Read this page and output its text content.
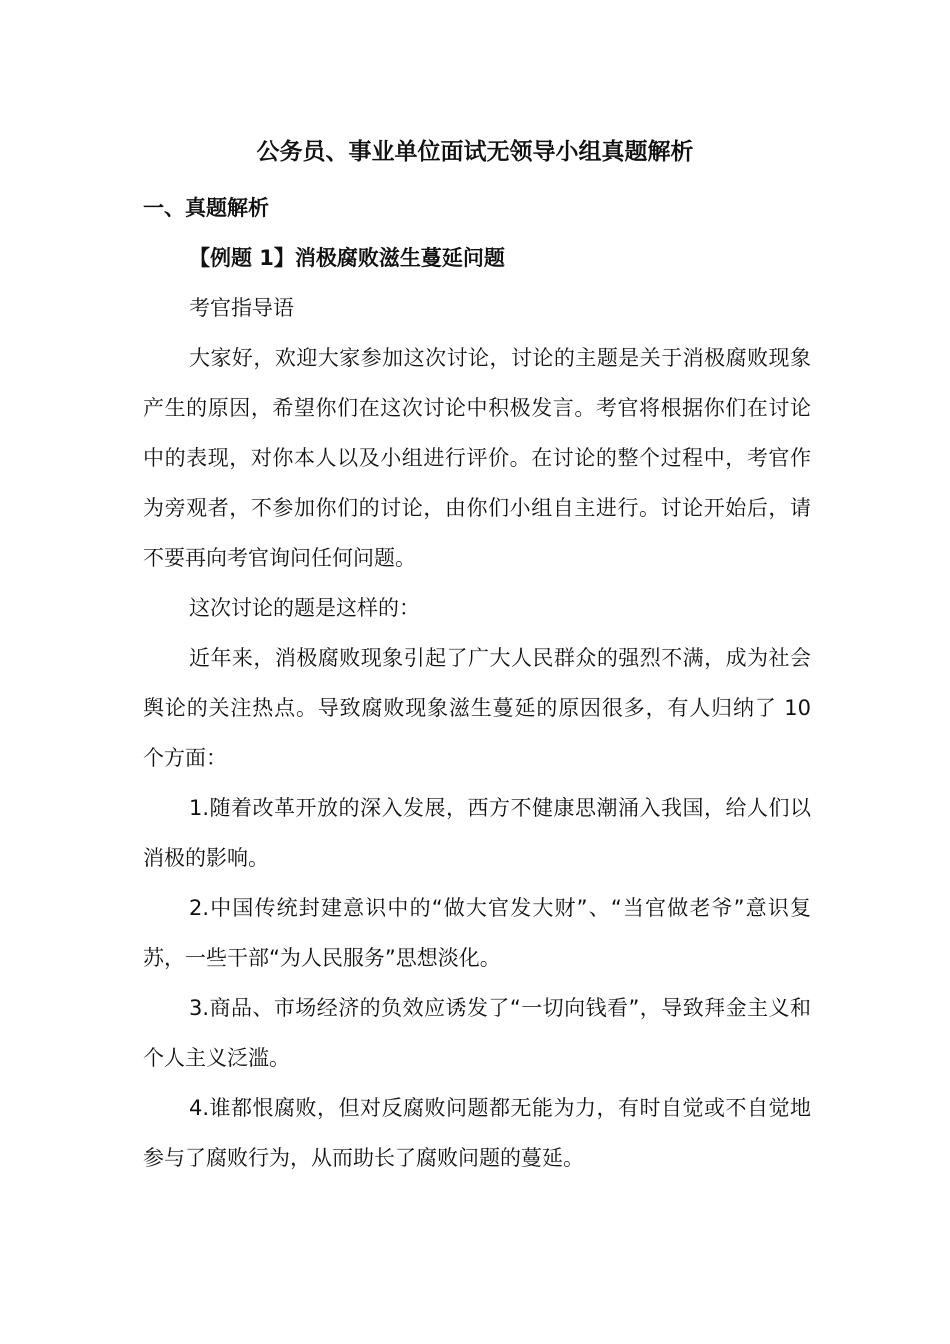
公务员、事业单位面试无领导小组真题解析

一、真题解析

【例题 1】消极腐败滋生蔓延问题

考官指导语

大家好，欢迎大家参加这次讨论，讨论的主题是关于消极腐败现象产生的原因，希望你们在这次讨论中积极发言。考官将根据你们在讨论中的表现，对你本人以及小组进行评价。在讨论的整个过程中，考官作为旁观者，不参加你们的讨论，由你们小组自主进行。讨论开始后，请不要再向考官询问任何问题。

这次讨论的题是这样的：

近年来，消极腐败现象引起了广大人民群众的强烈不满，成为社会舆论的关注热点。导致腐败现象滋生蔓延的原因很多，有人归纳了 10 个方面：

1.随着改革开放的深入发展，西方不健康思潮涌入我国，给人们以消极的影响。

2.中国传统封建意识中的“做大官发大财”、“当官做老爷”意识复苏，一些干部“为人民服务”思想淡化。

3.商品、市场经济的负效应诱发了“一切向钱看”，导致拜金主义和个人主义泛滥。

4.谁都恨腐败，但对反腐败问题都无能为力，有时自觉或不自觉地参与了腐败行为，从而助长了腐败问题的蔓延。
